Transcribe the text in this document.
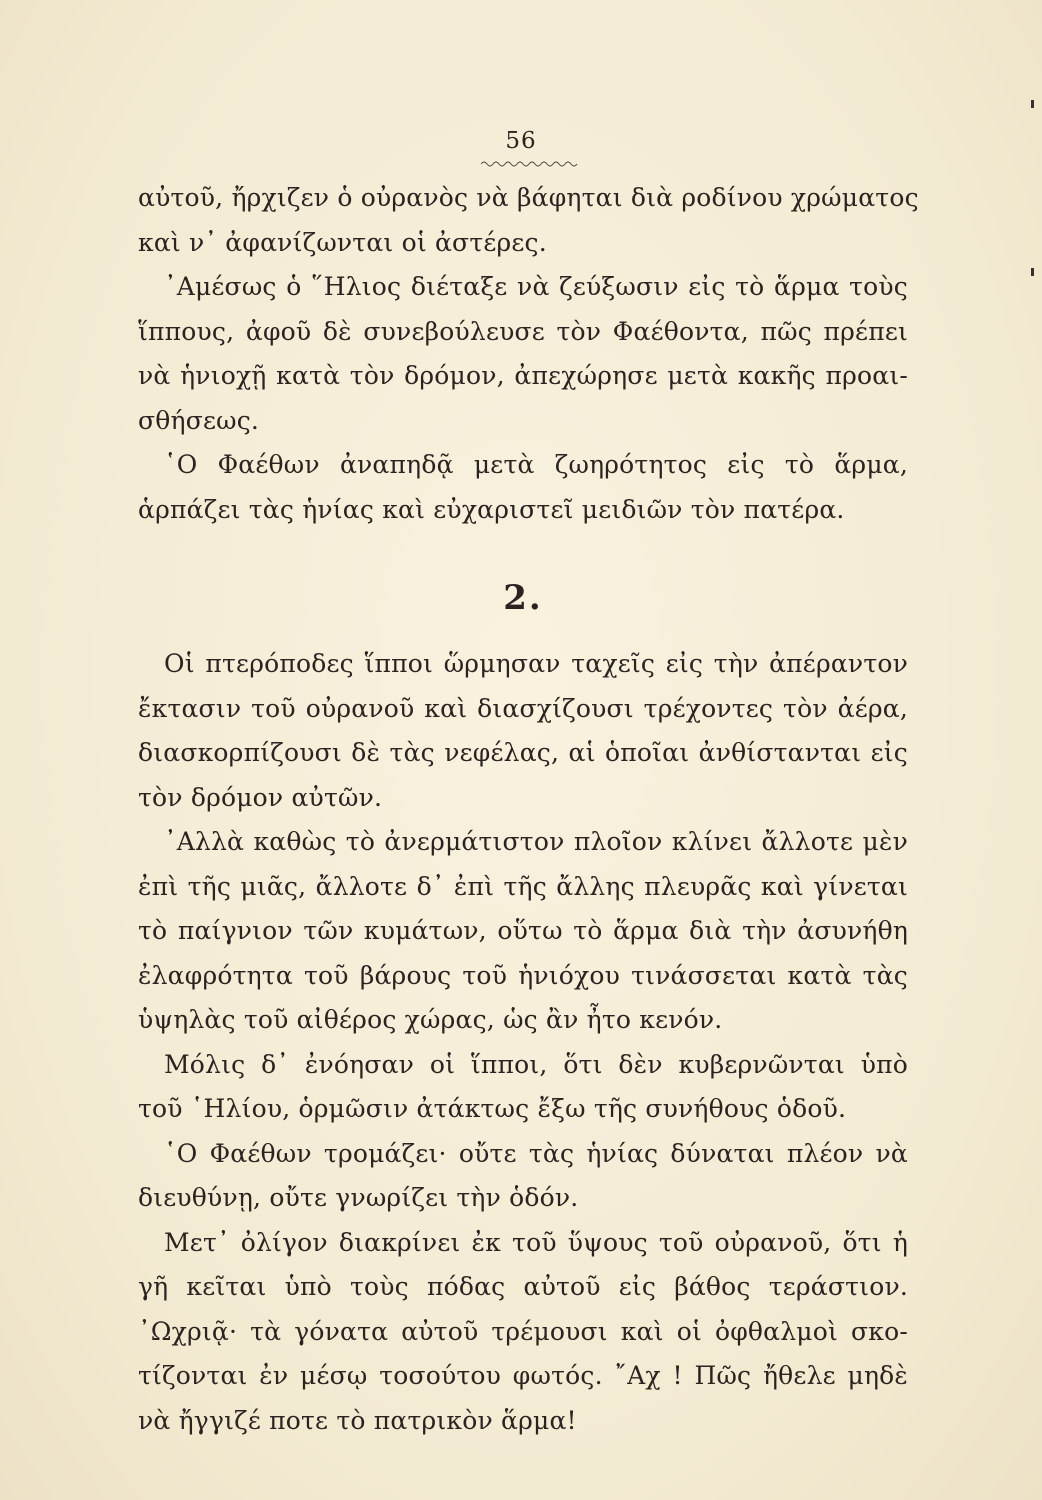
56
αὐτοῦ, ἤρχιζεν ὁ οὐρανὸς νὰ βάφηται διὰ ροδίνου χρώματος
καὶ ν᾽ ἀφανίζωνται οἱ ἀστέρες.
᾽Αμέσως ὁ ῞Ηλιος διέταξε νὰ ζεύξωσιν εἰς τὸ ἅρμα τοὺς
ἵππους, ἀφοῦ δὲ συνεβούλευσε τὸν Φαέθοντα, πῶς πρέπει
νὰ ἡνιοχῇ κατὰ τὸν δρόμον, ἀπεχώρησε μετὰ κακῆς προαι-
σθήσεως.
῾Ο Φαέθων ἀναπηδᾷ μετὰ ζωηρότητος εἰς τὸ ἅρμα,
ἁρπάζει τὰς ἡνίας καὶ εὐχαριστεῖ μειδιῶν τὸν πατέρα.
2.
Οἱ πτερόποδες ἵπποι ὥρμησαν ταχεῖς εἰς τὴν ἀπέραντον
ἔκτασιν τοῦ οὐρανοῦ καὶ διασχίζουσι τρέχοντες τὸν ἀέρα,
διασκορπίζουσι δὲ τὰς νεφέλας, αἱ ὁποῖαι ἀνθίστανται εἰς
τὸν δρόμον αὐτῶν.
᾽Αλλὰ καθὼς τὸ ἀνερμάτιστον πλοῖον κλίνει ἄλλοτε μὲν
ἐπὶ τῆς μιᾶς, ἄλλοτε δ᾽ ἐπὶ τῆς ἄλλης πλευρᾶς καὶ γίνεται
τὸ παίγνιον τῶν κυμάτων, οὕτω τὸ ἅρμα διὰ τὴν ἀσυνήθη
ἐλαφρότητα τοῦ βάρους τοῦ ἡνιόχου τινάσσεται κατὰ τὰς
ὑψηλὰς τοῦ αἰθέρος χώρας, ὡς ἂν ἦτο κενόν.
Μόλις δ᾽ ἐνόησαν οἱ ἵπποι, ὅτι δὲν κυβερνῶνται ὑπὸ
τοῦ ῾Ηλίου, ὁρμῶσιν ἀτάκτως ἔξω τῆς συνήθους ὁδοῦ.
῾Ο Φαέθων τρομάζει· οὔτε τὰς ἡνίας δύναται πλέον νὰ
διευθύνῃ, οὔτε γνωρίζει τὴν ὁδόν.
Μετ᾽ ὀλίγον διακρίνει ἐκ τοῦ ὕψους τοῦ οὐρανοῦ, ὅτι ἡ
γῆ κεῖται ὑπὸ τοὺς πόδας αὐτοῦ εἰς βάθος τεράστιον.
᾽Ωχριᾷ· τὰ γόνατα αὐτοῦ τρέμουσι καὶ οἱ ὀφθαλμοὶ σκο-
τίζονται ἐν μέσῳ τοσούτου φωτός. ῎Αχ ! Πῶς ἤθελε μηδὲ
νὰ ἤγγιζέ ποτε τὸ πατρικὸν ἅρμα!
